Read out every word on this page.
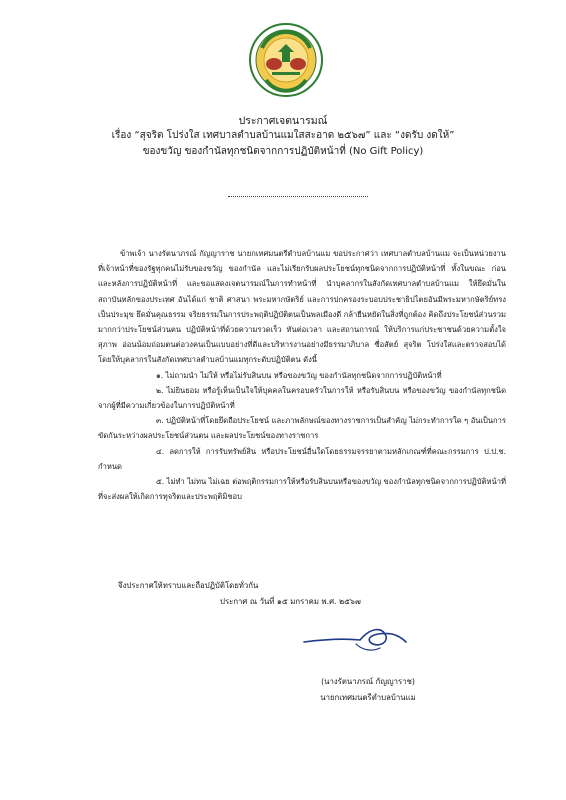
ประกาศเจตนารมณ์
เรื่อง “สุจริต โปร่งใส เทศบาลตำบลบ้านแมใสสะอาด ๒๕๖๗” และ “งดรับ งดให้”
ของขวัญ ของกำนัลทุกชนิดจากการปฏิบัติหน้าที่ (No Gift Policy)

ข้าพเจ้า นางรัตนาภรณ์ กัญญาราช นายกเทศมนตรีตำบลบ้านแม ขอประกาศว่า เทศบาลตำบลบ้านแม จะเป็นหน่วยงานที่เจ้าหน้าที่ของรัฐทุกคนไม่รับของขวัญ ของกำนัล และไม่เรียกรับผลประโยชน์ทุกชนิดจากการปฏิบัติหน้าที่ ทั้งในขณะ ก่อน และหลังการปฏิบัติหน้าที่ และขอแสดงเจตนารมณ์ในการทำหน้าที่ นำบุคลากรในสังกัดเทศบาลตำบลบ้านแม ให้ยึดมั่นในสถาบันหลักของประเทศ อันได้แก่ ชาติ ศาสนา พระมหากษัตริย์ และการปกครองระบอบประชาธิปไตยอันมีพระมหากษัตริย์ทรงเป็นประมุข ยึดมั่นคุณธรรม จริยธรรมในการประพฤติปฏิบัติตนเป็นพลเมืองดี กล้ายืนหยัดในสิ่งที่ถูกต้อง คิดถึงประโยชน์ส่วนรวมมากกว่าประโยชน์ส่วนตน ปฏิบัติหน้าที่ด้วยความรวดเร็ว ทันต่อเวลา และสถานการณ์ ให้บริการแก่ประชาชนด้วยความตั้งใจ สุภาพ อ่อนน้อมถ่อมตนต่อวงคนเป็นแบบอย่างที่ดีและบริหารงานอย่างมีธรรมาภิบาล ซื่อสัตย์ สุจริต โปร่งใสและตรวจสอบได้ โดยให้บุคลากรในสังกัดเทศบาลตำบลบ้านแมทุกระดับปฏิบัติตน ดังนี้

๑. ไม่ถามนำ ไม่ให้ หรือไม่รับสินบน หรือของขวัญ ของกำนัลทุกชนิดจากการปฏิบัติหน้าที่

๒. ไม่ยินยอม หรือรู้เห็นเป็นใจให้บุคคลในครอบครัวในการให้ หรือรับสินบน หรือของขวัญ ของกำนัลทุกชนิดจากผู้ที่มีความเกี่ยวข้องในการปฏิบัติหน้าที่

๓. ปฏิบัติหน้าที่โดยยึดถือประโยชน์ และภาพลักษณ์ของทางราชการเป็นสำคัญ ไม่กระทำการใด ๆ อันเป็นการขัดกันระหว่างผลประโยชน์ส่วนตน และผลประโยชน์ของทางราชการ

๔. ลดการให้ การรับทรัพย์สิน หรือประโยชน์อื่นใดโดยธรรมจรรยาตามหลักเกณฑ์ที่คณะกรรมการ ป.ป.ช. กำหนด

๕. ไม่ทำ ไม่ทน ไม่เฉย ต่อพฤติกรรมการให้หรือรับสินบนหรือของขวัญ ของกำนัลทุกชนิดจากการปฏิบัติหน้าที่ ที่จะส่งผลให้เกิดการทุจริตและประพฤติมิชอบ

จึงประกาศให้ทราบและถือปฏิบัติโดยทั่วกัน
ประกาศ ณ วันที่ ๑๕ มกราคม พ.ศ. ๒๕๖๗
(นางรัตนาภรณ์ กัญญาราช)
นายกเทศมนตรีตำบลบ้านแม
